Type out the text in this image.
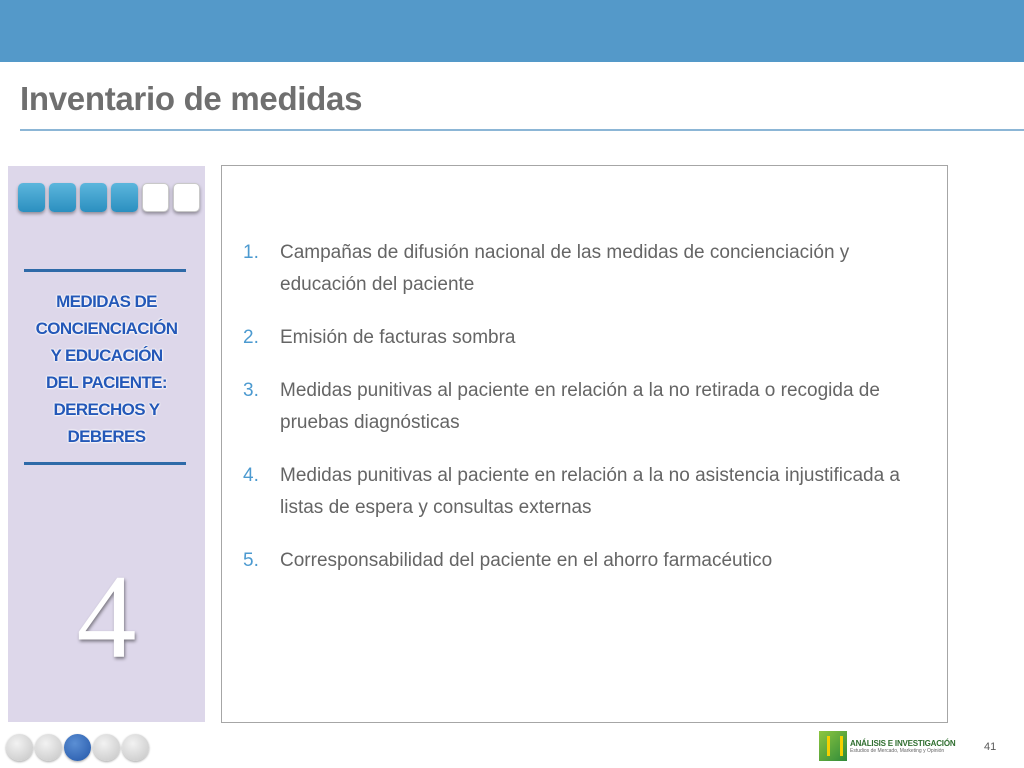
Inventario de medidas
MEDIDAS DE
CONCIENCIACIÓN
Y EDUCACIÓN
DEL PACIENTE:
DERECHOS Y
DEBERES
4
1.	Campañas de difusión nacional de las medidas de concienciación y educación del paciente
2.	Emisión de facturas sombra
3.	Medidas punitivas al paciente en relación a la no retirada o recogida de pruebas diagnósticas
4.	Medidas punitivas al paciente en relación a la no asistencia injustificada a listas de espera y consultas externas
5.	Corresponsabilidad del paciente en el ahorro farmacéutico
ANÁLISIS E INVESTIGACIÓN
Estudios de Mercado, Marketing y Opinión	41
